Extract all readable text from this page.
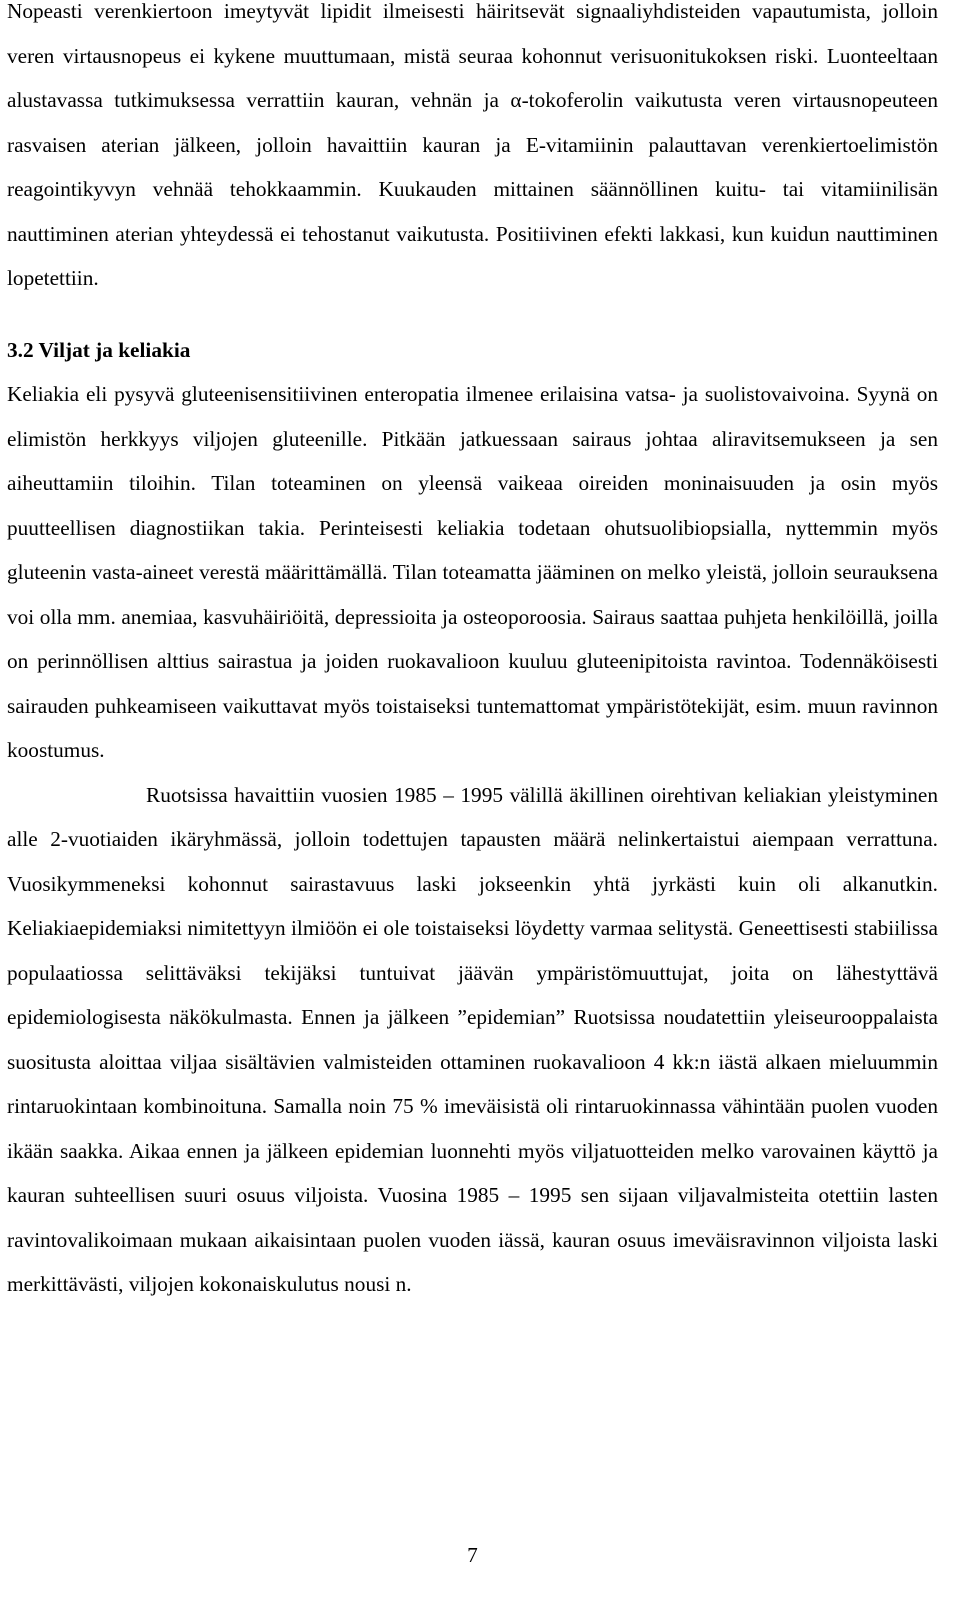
Nopeasti verenkiertoon imeytyvät lipidit ilmeisesti häiritsevät signaaliyhdisteiden vapautumista, jolloin veren virtausnopeus ei kykene muuttumaan, mistä seuraa kohonnut verisuonitukoksen riski. Luonteeltaan alustavassa tutkimuksessa verrattiin kauran, vehnän ja α-tokoferolin vaikutusta veren virtausnopeuteen rasvaisen aterian jälkeen, jolloin havaittiin kauran ja E-vitamiinin palauttavan verenkiertoelimistön reagointikyvyn vehnää tehokkaammin. Kuukauden mittainen säännöllinen kuitu- tai vitamiinilisän nauttiminen aterian yhteydessä ei tehostanut vaikutusta. Positiivinen efekti lakkasi, kun kuidun nauttiminen lopetettiin.

3.2 Viljat ja keliakia

Keliakia eli pysyvä gluteenisensitiivinen enteropatia ilmenee erilaisina vatsa- ja suolistovaivoina. Syynä on elimistön herkkyys viljojen gluteenille. Pitkään jatkuessaan sairaus johtaa aliravitsemukseen ja sen aiheuttamiin tiloihin. Tilan toteaminen on yleensä vaikeaa oireiden moninaisuuden ja osin myös puutteellisen diagnostiikan takia. Perinteisesti keliakia todetaan ohutsuolibiopsialla, nyttemmin myös gluteenin vasta-aineet verestä määrittämällä. Tilan toteamatta jääminen on melko yleistä, jolloin seurauksena voi olla mm. anemiaa, kasvuhäiriöitä, depressioita ja osteoporoosia. Sairaus saattaa puhjeta henkilöillä, joilla on perinnöllisen alttius sairastua ja joiden ruokavalioon kuuluu gluteenipitoista ravintoa. Todennäköisesti sairauden puhkeamiseen vaikuttavat myös toistaiseksi tuntemattomat ympäristötekijät, esim. muun ravinnon koostumus.

Ruotsissa havaittiin vuosien 1985 – 1995 välillä äkillinen oirehtivan keliakian yleistyminen alle 2-vuotiaiden ikäryhmässä, jolloin todettujen tapausten määrä nelinkertaistui aiempaan verrattuna. Vuosikymmeneksi kohonnut sairastavuus laski jokseenkin yhtä jyrkästi kuin oli alkanutkin. Keliakiaepidemiaksi nimitettyyn ilmiöön ei ole toistaiseksi löydetty varmaa selitystä. Geneettisesti stabiilissa populaatiossa selittäväksi tekijäksi tuntuivat jäävän ympäristömuuttujat, joita on lähestyttävä epidemiologisesta näkökulmasta. Ennen ja jälkeen ”epidemian” Ruotsissa noudatettiin yleiseurooppalaista suositusta aloittaa viljaa sisältävien valmisteiden ottaminen ruokavalioon 4 kk:n iästä alkaen mieluummin rintaruokintaan kombinoituna. Samalla noin 75 % imeväisistä oli rintaruokinnassa vähintään puolen vuoden ikään saakka. Aikaa ennen ja jälkeen epidemian luonnehti myös viljatuotteiden melko varovainen käyttö ja kauran suhteellisen suuri osuus viljoista. Vuosina 1985 – 1995 sen sijaan viljavalmisteita otettiin lasten ravintovalikoimaan mukaan aikaisintaan puolen vuoden iässä, kauran osuus imeväisravinnon viljoista laski merkittävästi, viljojen kokonaiskulutus nousi n.

7
